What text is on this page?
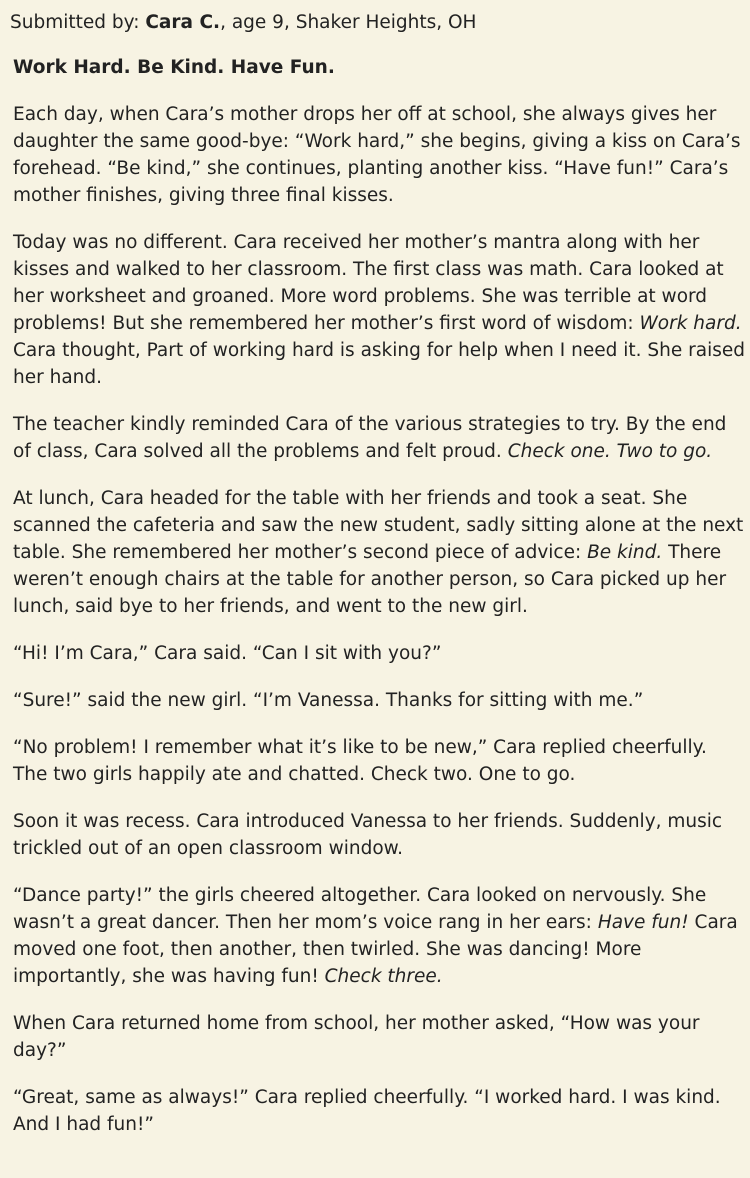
Submitted by: Cara C., age 9, Shaker Heights, OH
Work Hard. Be Kind. Have Fun.

Each day, when Cara’s mother drops her off at school, she always gives her daughter the same good-bye: “Work hard,” she begins, giving a kiss on Cara’s forehead. “Be kind,” she continues, planting another kiss. “Have fun!” Cara’s mother finishes, giving three final kisses.

Today was no different. Cara received her mother’s mantra along with her kisses and walked to her classroom. The first class was math. Cara looked at her worksheet and groaned. More word problems. She was terrible at word problems! But she remembered her mother’s first word of wisdom: Work hard. Cara thought, Part of working hard is asking for help when I need it. She raised her hand.

The teacher kindly reminded Cara of the various strategies to try. By the end of class, Cara solved all the problems and felt proud. Check one. Two to go.

At lunch, Cara headed for the table with her friends and took a seat. She scanned the cafeteria and saw the new student, sadly sitting alone at the next table. She remembered her mother’s second piece of advice: Be kind. There weren’t enough chairs at the table for another person, so Cara picked up her lunch, said bye to her friends, and went to the new girl.

“Hi! I’m Cara,” Cara said. “Can I sit with you?”

“Sure!” said the new girl. “I’m Vanessa. Thanks for sitting with me.”

“No problem! I remember what it’s like to be new,” Cara replied cheerfully. The two girls happily ate and chatted. Check two. One to go.

Soon it was recess. Cara introduced Vanessa to her friends. Suddenly, music trickled out of an open classroom window.

“Dance party!” the girls cheered altogether. Cara looked on nervously. She wasn’t a great dancer. Then her mom’s voice rang in her ears: Have fun! Cara moved one foot, then another, then twirled. She was dancing! More importantly, she was having fun! Check three.

When Cara returned home from school, her mother asked, “How was your day?”

“Great, same as always!” Cara replied cheerfully. “I worked hard. I was kind. And I had fun!”
